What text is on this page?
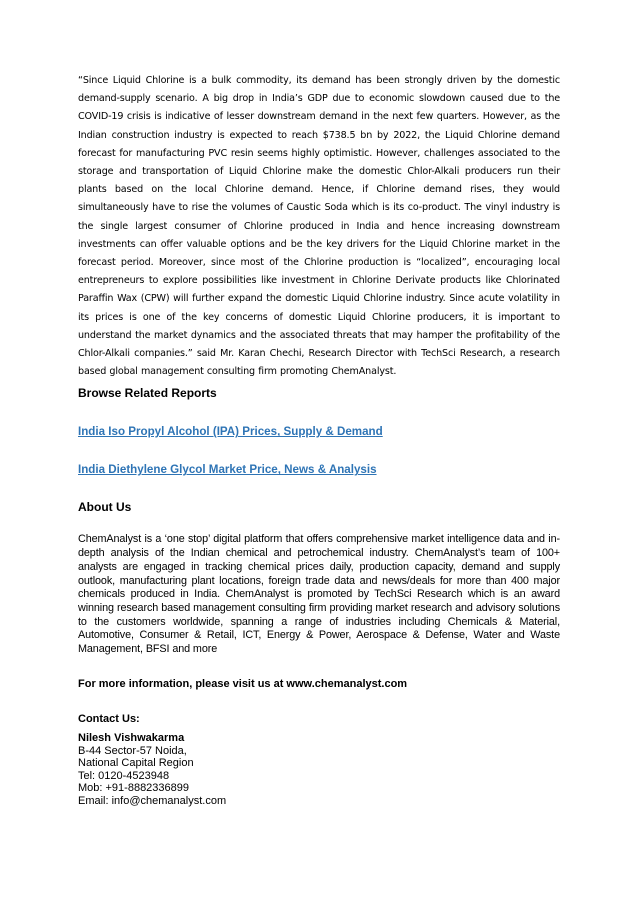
“Since Liquid Chlorine is a bulk commodity, its demand has been strongly driven by the domestic demand-supply scenario. A big drop in India’s GDP due to economic slowdown caused due to the COVID-19 crisis is indicative of lesser downstream demand in the next few quarters. However, as the Indian construction industry is expected to reach $738.5 bn by 2022, the Liquid Chlorine demand forecast for manufacturing PVC resin seems highly optimistic. However, challenges associated to the storage and transportation of Liquid Chlorine make the domestic Chlor-Alkali producers run their plants based on the local Chlorine demand. Hence, if Chlorine demand rises, they would simultaneously have to rise the volumes of Caustic Soda which is its co-product. The vinyl industry is the single largest consumer of Chlorine produced in India and hence increasing downstream investments can offer valuable options and be the key drivers for the Liquid Chlorine market in the forecast period. Moreover, since most of the Chlorine production is “localized”, encouraging local entrepreneurs to explore possibilities like investment in Chlorine Derivate products like Chlorinated Paraffin Wax (CPW) will further expand the domestic Liquid Chlorine industry. Since acute volatility in its prices is one of the key concerns of domestic Liquid Chlorine producers, it is important to understand the market dynamics and the associated threats that may hamper the profitability of the Chlor-Alkali companies.” said Mr. Karan Chechi, Research Director with TechSci Research, a research based global management consulting firm promoting ChemAnalyst.

Browse Related Reports
India Iso Propyl Alcohol (IPA) Prices, Supply & Demand
India Diethylene Glycol Market Price, News & Analysis
About Us

ChemAnalyst is a ‘one stop’ digital platform that offers comprehensive market intelligence data and in-depth analysis of the Indian chemical and petrochemical industry. ChemAnalyst’s team of 100+ analysts are engaged in tracking chemical prices daily, production capacity, demand and supply outlook, manufacturing plant locations, foreign trade data and news/deals for more than 400 major chemicals produced in India. ChemAnalyst is promoted by TechSci Research which is an award winning research based management consulting firm providing market research and advisory solutions to the customers worldwide, spanning a range of industries including Chemicals & Material, Automotive, Consumer & Retail, ICT, Energy & Power, Aerospace & Defense, Water and Waste Management, BFSI and more

For more information, please visit us at www.chemanalyst.com

Contact Us:

Nilesh Vishwakarma

B-44 Sector-57 Noida,

National Capital Region

Tel: 0120-4523948

Mob: +91-8882336899

Email: info@chemanalyst.com
